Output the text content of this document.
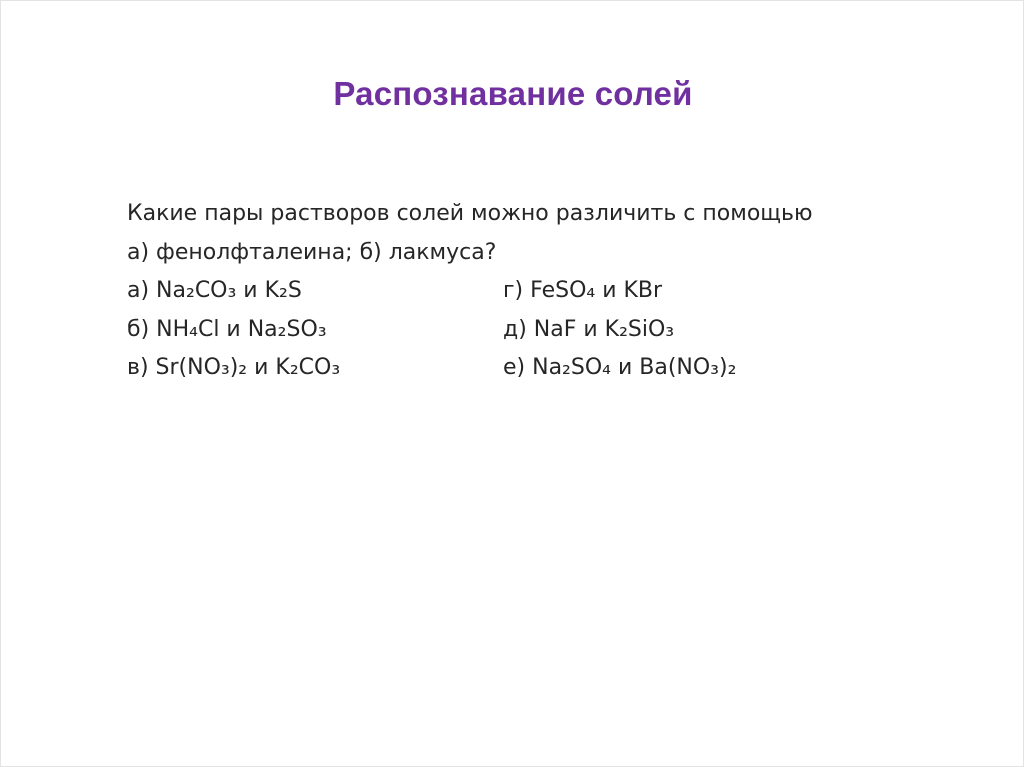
Распознавание солей
Какие пары растворов солей можно различить с помощью
а) фенолфталеина; б) лакмуса?
а) Na₂CO₃ и K₂S	г) FeSO₄ и KBr
б) NH₄Cl и Na₂SO₃	д) NaF и K₂SiO₃
в) Sr(NO₃)₂ и K₂CO₃	е) Na₂SO₄ и Ba(NO₃)₂
